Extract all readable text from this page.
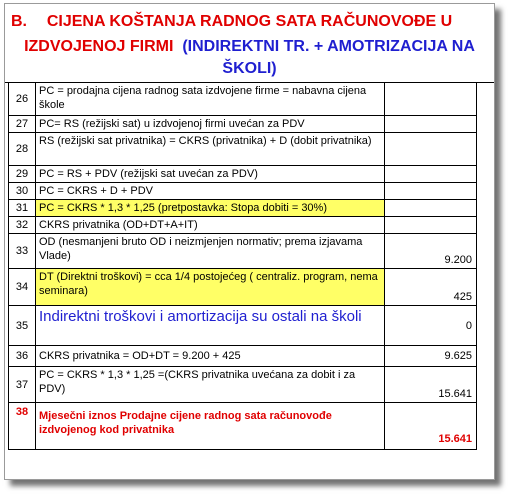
B.	CIJENA KOŠTANJA RADNOG SATA RAČUNOVOĐE U
IZDVOJENOJ FIRMI (INDIREKTNI TR. + AMOTRIZACIJA NA
ŠKOLI)
26	PC = prodajna cijena radnog sata izdvojene firme = nabavna cijena škole	
27	PC= RS (režijski sat) u izdvojenoj firmi uvećan za PDV	
28	RS (režijski sat privatnika) = CKRS (privatnika) + D (dobit privatnika)	
29	PC = RS + PDV (režijski sat uvećan za PDV)	
30	PC = CKRS + D + PDV	
31	PC = CKRS * 1,3 * 1,25 (pretpostavka: Stopa dobiti = 30%)	
32	CKRS privatnika (OD+DT+A+IT)	
33	OD (nesmanjeni bruto OD i neizmjenjen normativ; prema izjavama Vlade)	9.200
34	DT (Direktni troškovi) = cca 1/4 postojećeg ( centraliz. program, nema seminara)	425
35	Indirektni troškovi i amortizacija su ostali na školi	0
36	CKRS privatnika = OD+DT = 9.200 + 425	9.625
37	PC = CKRS * 1,3 * 1,25 =(CKRS privatnika uvećana za dobit i za PDV)	15.641
38	Mjesečni iznos Prodajne cijene radnog sata računovođe izdvojenog kod privatnika	15.641
